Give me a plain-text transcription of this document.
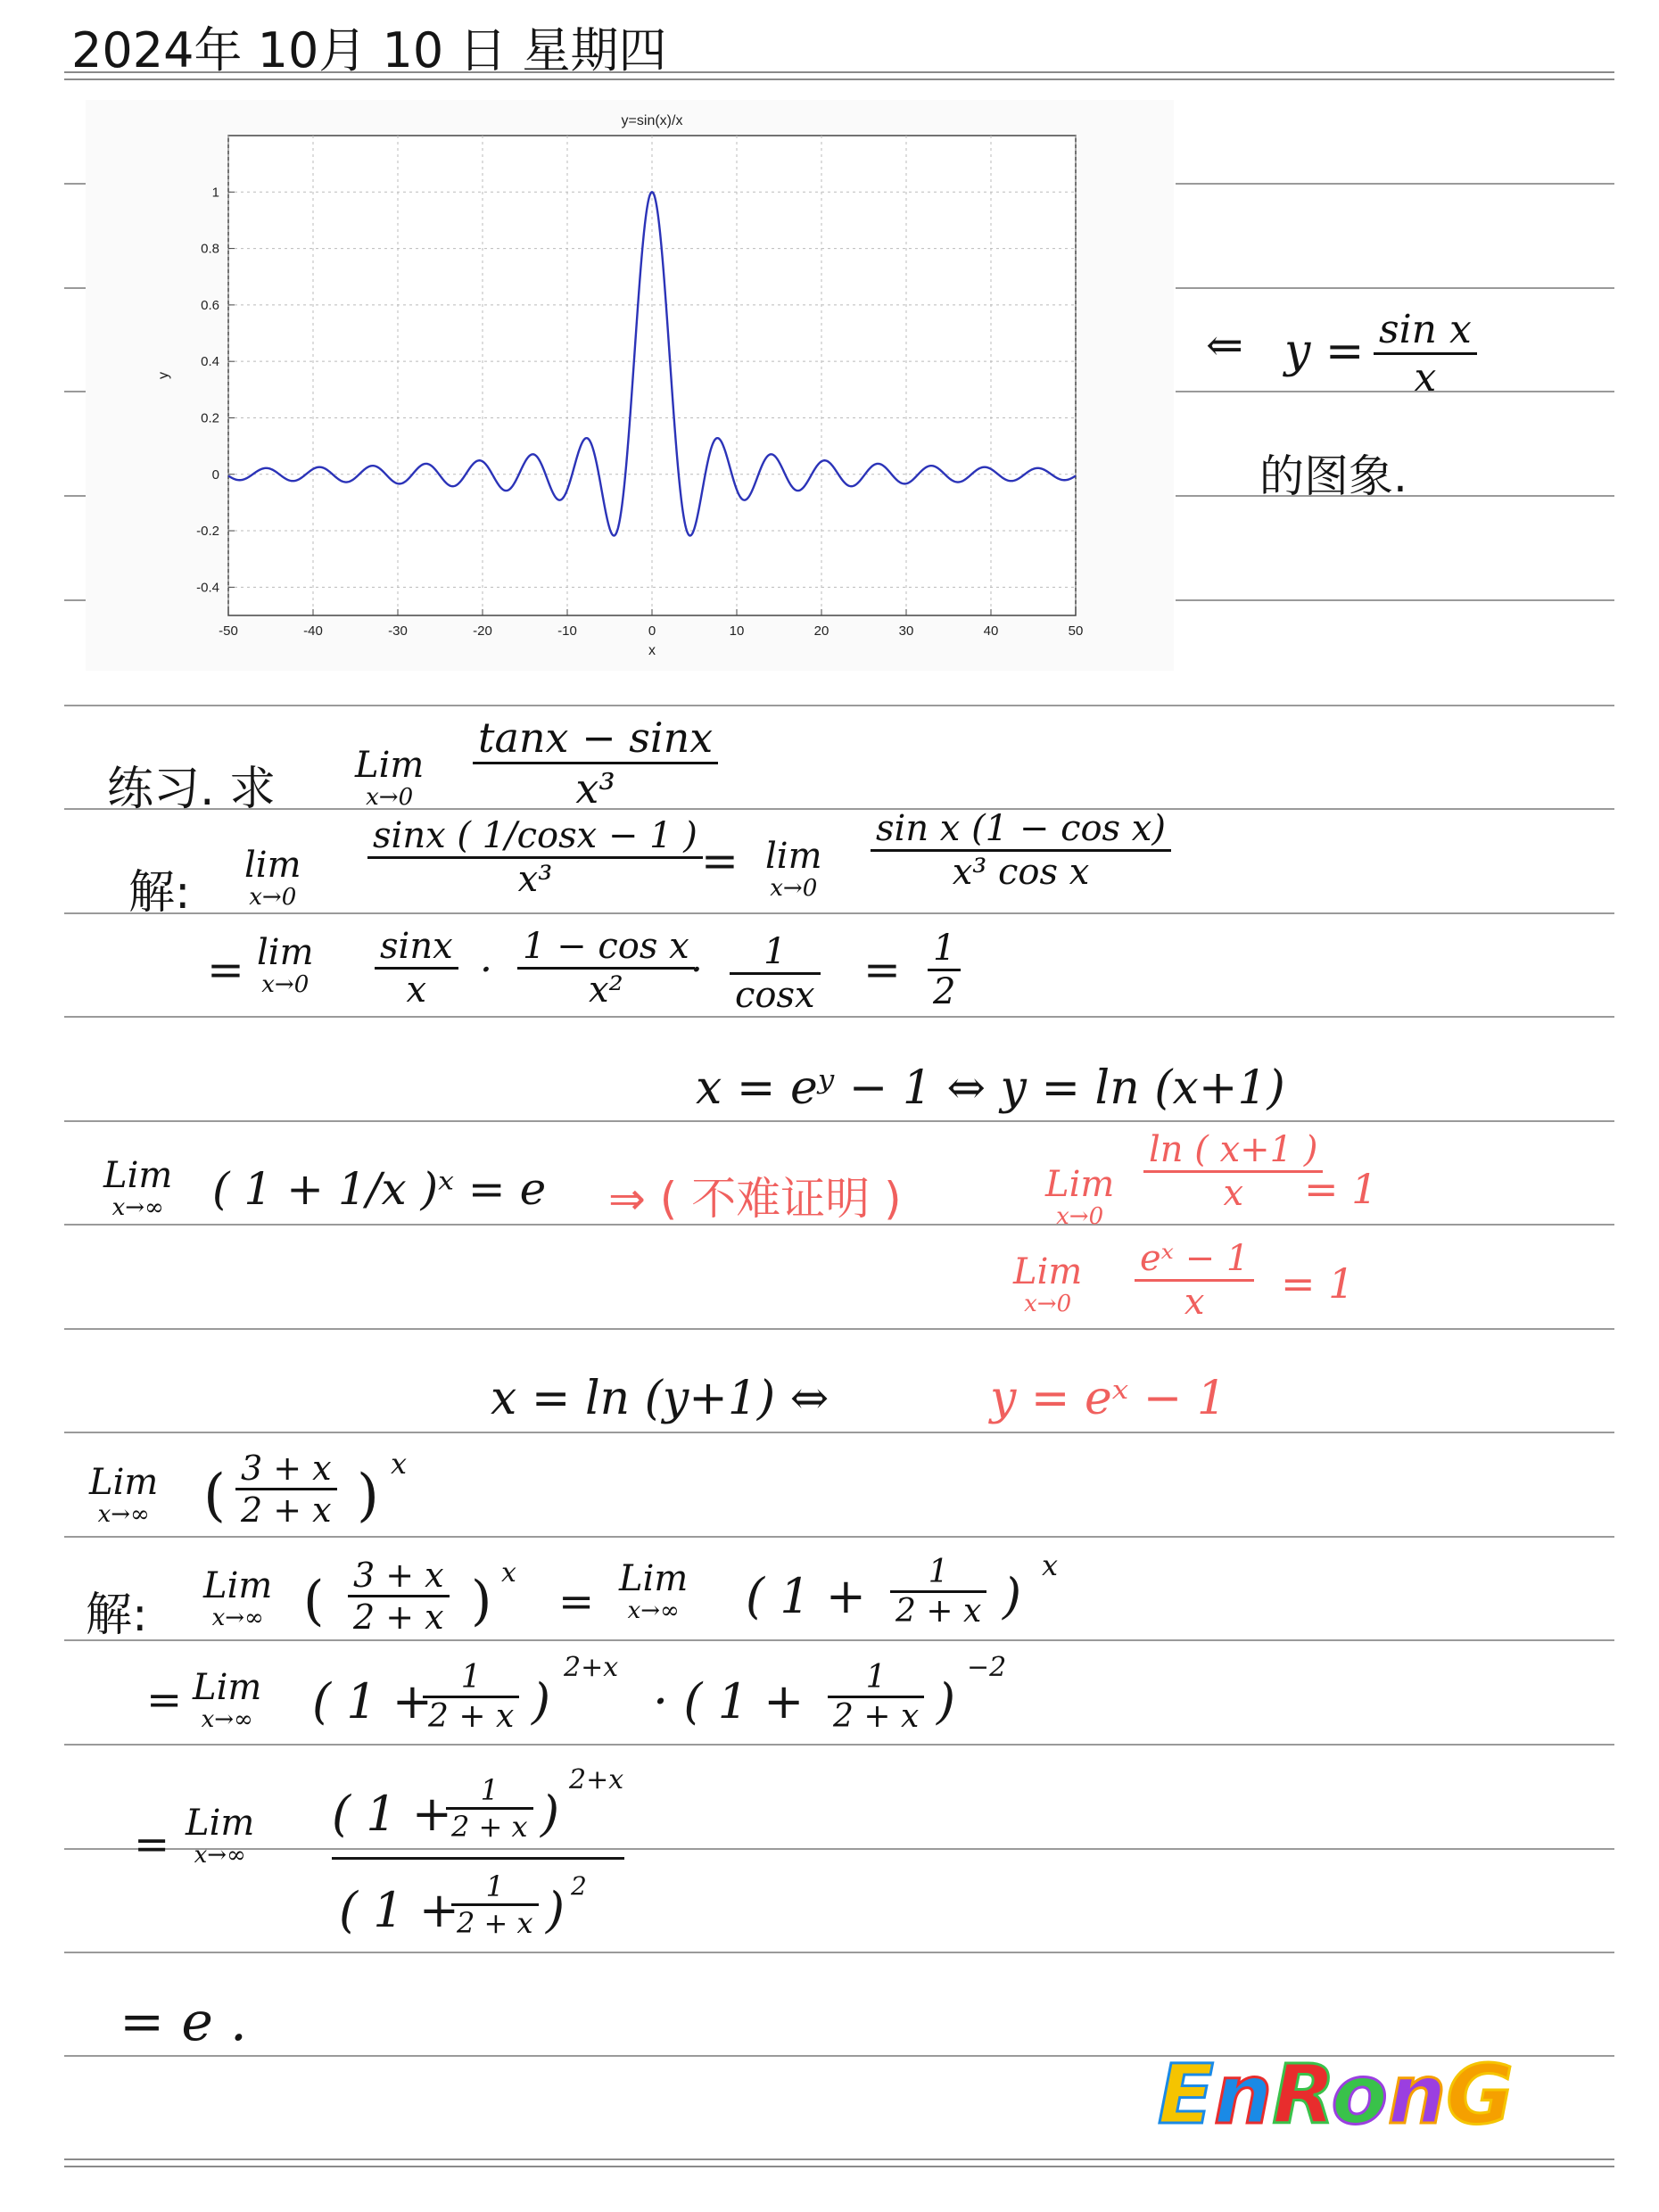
2024年 10月 10 日 星期四
-50	-40	-30	-20	-10	0	10	20	30	40	50
-0.4
-0.2
0
0.2
0.4
0.6
0.8
1
y=sin(x)/x
x
y
⇐ $y = \frac{\text{sin x}}{x}$
的图象.
练习. 求 Lim
$x\to 0 \frac{\tan x - \sin x}{\text{x³}}$
解:
lim
$x\to 0 \frac{\sin x ( 1/\cos x - 1 )}{\text{x³}}$
= lim
$x\to 0 \frac{\text{sin x (1 − cos x)}}{\text{x³ cos x}}$
= lim
$x\to 0 \frac{\sin x}{x} \cdot \frac{\text{1 − cos x}}{\text{x²}}$
· $\frac{1}{\cos x} = \frac{1}{2}$
x = eʸ − 1 ⇔ y = ln (x+1)
Lim
x→∞ ( 1 + 1/x )ˣ = e ⇒ ( 不难证明 )	Lim
x→0
$\frac{\ln ( x+1 )}{x}$
= 1
Lim
x→0	$\frac{\text{eˣ − 1}}{x} = 1$
x = ln (y+1) ⇔	y = eˣ − 1
Lim
x→∞ ( $\frac{3 + x}{2 + x}$ ) x
解:
Lim
x→∞ ( $\frac{3 + x}{2 + x}$ ) x
= Lim
x→∞ ( $1 + \frac{1}{2 + x}$ )
x
= Lim
x→∞ ( 1 +
$\frac{1}{2 + x}$ )
2+x
· ( $1 + \frac{1}{2 + x}$ )
−2
= Lim
x→∞
( 1 +
$\frac{1}{2 + x}$ )
2+x
( 1 +
$\frac{1}{2 + x}$ ) 2
= e .
EnRonG
